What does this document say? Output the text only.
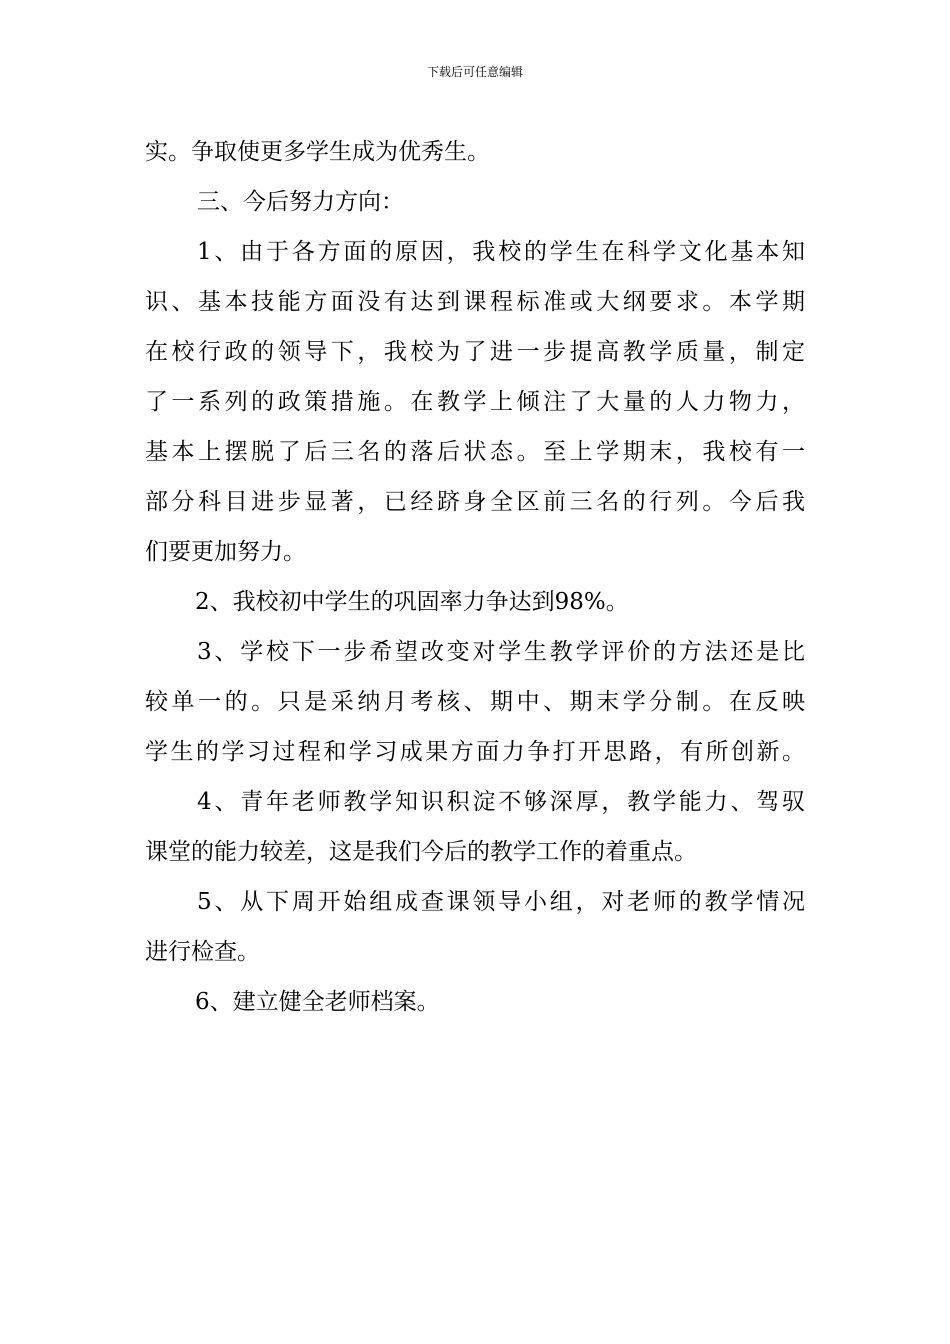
下载后可任意编辑
实。争取使更多学生成为优秀生。
三、今后努力方向：
1、由于各方面的原因，我校的学生在科学文化基本知
识、基本技能方面没有达到课程标准或大纲要求。本学期
在校行政的领导下，我校为了进一步提高教学质量，制定
了一系列的政策措施。在教学上倾注了大量的人力物力，
基本上摆脱了后三名的落后状态。至上学期末，我校有一
部分科目进步显著，已经跻身全区前三名的行列。今后我
们要更加努力。
2、我校初中学生的巩固率力争达到98%。
3、学校下一步希望改变对学生教学评价的方法还是比
较单一的。只是采纳月考核、期中、期末学分制。在反映
学生的学习过程和学习成果方面力争打开思路，有所创新。
4、青年老师教学知识积淀不够深厚，教学能力、驾驭
课堂的能力较差，这是我们今后的教学工作的着重点。
5、从下周开始组成查课领导小组，对老师的教学情况
进行检查。
6、建立健全老师档案。
